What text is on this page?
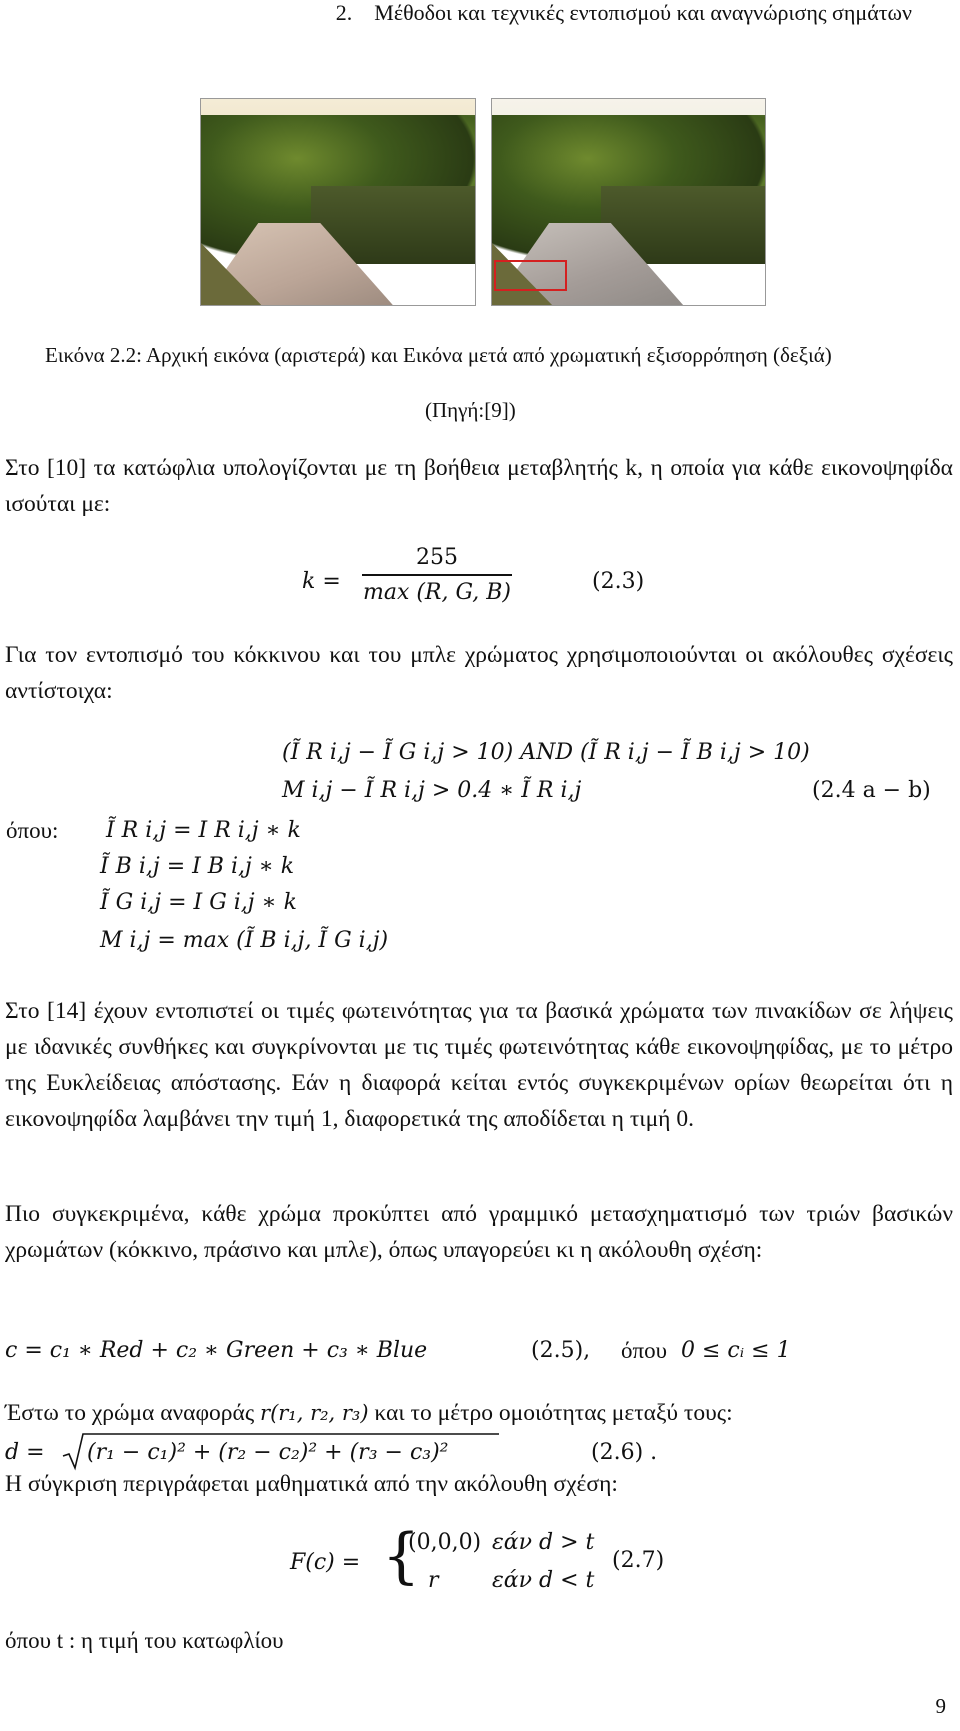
2. Μέθοδοι και τεχνικές εντοπισμού και αναγνώρισης σημάτων
Εικόνα 2.2: Αρχική εικόνα (αριστερά) και Εικόνα μετά από χρωματική εξισορρόπηση (δεξιά)
(Πηγή:[9])

Στο [10] τα κατώφλια υπολογίζονται με τη βοήθεια μεταβλητής k, η οποία για κάθε εικονοψηφίδα ισούται με:

k =
255
max (R, G, B)	(2.3)

Για τον εντοπισμό του κόκκινου και του μπλε χρώματος χρησιμοποιούνται οι ακόλουθες σχέσεις αντίστοιχα:

(Ĩ R i,j − Ĩ G i,j > 10) AND (Ĩ R i,j − Ĩ B i,j > 10)
M i,j − Ĩ R i,j > 0.4 ∗ Ĩ R i,j	(2.4 a − b)
όπου: Ĩ R i,j = I R i,j ∗ k
Ĩ B i,j = I B i,j ∗ k
Ĩ G i,j = I G i,j ∗ k
M i,j = max (Ĩ B i,j, Ĩ G i,j)

Στο [14] έχουν εντοπιστεί οι τιμές φωτεινότητας για τα βασικά χρώματα των πινακίδων σε λήψεις με ιδανικές συνθήκες και συγκρίνονται με τις τιμές φωτεινότητας κάθε εικονοψηφίδας, με το μέτρο της Ευκλείδειας απόστασης. Εάν η διαφορά κείται εντός συγκεκριμένων ορίων θεωρείται ότι η εικονοψηφίδα λαμβάνει την τιμή 1, διαφορετικά της αποδίδεται η τιμή 0.

Πιο συγκεκριμένα, κάθε χρώμα προκύπτει από γραμμικό μετασχηματισμό των τριών βασικών χρωμάτων (κόκκινο, πράσινο και μπλε), όπως υπαγορεύει κι η ακόλουθη σχέση:

c = c₁ ∗ Red + c₂ ∗ Green + c₃ ∗ Blue	(2.5), όπου 0 ≤ cᵢ ≤ 1
Έστω το χρώμα αναφοράς r(r₁, r₂, r₃) και το μέτρο ομοιότητας μεταξύ τους:
d = (r₁ − c₁)² + (r₂ − c₂)² + (r₃ − c₃)²	(2.6) .

Η σύγκριση περιγράφεται μαθηματικά από την ακόλουθη σχέση:

F(c) = {
(0,0,0) εάν d > t
r εάν d < t
(2.7)
όπου t : η τιμή του κατωφλίου
9
